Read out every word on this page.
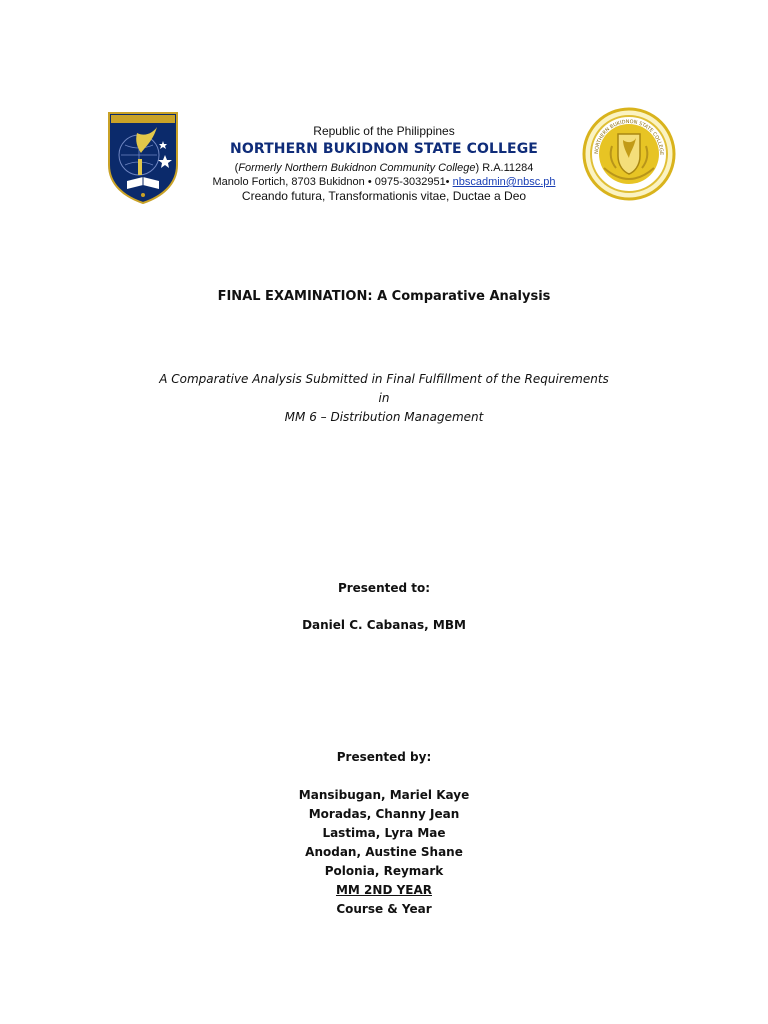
Republic of the Philippines
NORTHERN BUKIDNON STATE COLLEGE
(Formerly Northern Bukidnon Community College) R.A.11284
Manolo Fortich, 8703 Bukidnon • 0975-3032951• nbscadmin@nbsc.ph
Creando futura, Transformationis vitae, Ductae a Deo
NORTHERN BUKIDNON STATE COLLEGE
FINAL EXAMINATION: A Comparative Analysis
A Comparative Analysis Submitted in Final Fulfillment of the Requirements
in
MM 6 – Distribution Management
Presented to:
Daniel C. Cabanas, MBM
Presented by:
Mansibugan, Mariel Kaye
Moradas, Channy Jean
Lastima, Lyra Mae
Anodan, Austine Shane
Polonia, Reymark
MM 2ND YEAR
Course & Year
